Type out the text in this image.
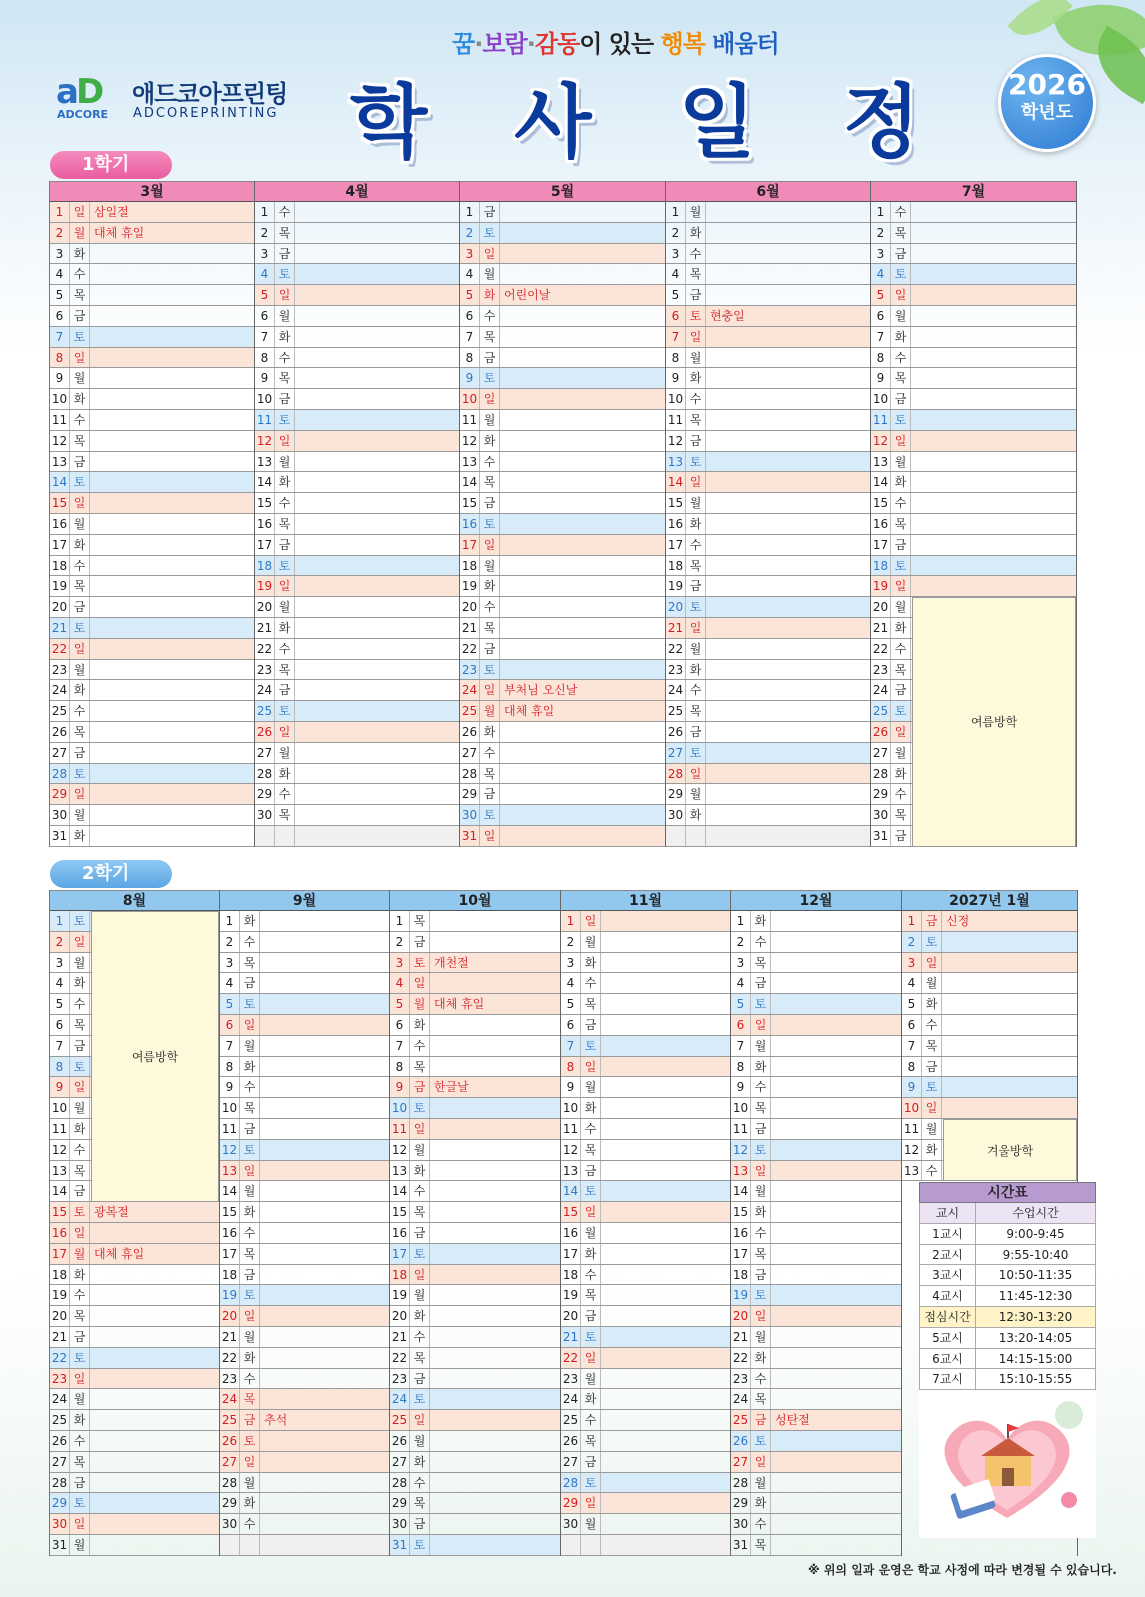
aD
ADCORE
애드코아프린팅
ADCOREPRINTING
꿈·보람·감동이 있는 행복 배움터
학 사 일 정	2026
학년도
1학기
3월
1 일 삼일절
2 월 대체 휴일
3 화
4 수
5 목
6 금
7 토
8 일
9 월
10 화
11 수
12 목
13 금
14 토
15 일
16 월
17 화
18 수
19 목
20 금
21 토
22 일
23 월
24 화
25 수
26 목
27 금
28 토
29 일
30 월
31 화
4월
1 수
2 목
3 금
4 토
5 일
6 월
7 화
8 수
9 목
10 금
11 토
12 일
13 월
14 화
15 수
16 목
17 금
18 토
19 일
20 월
21 화
22 수
23 목
24 금
25 토
26 일
27 월
28 화
29 수
30 목
5월
1 금
2 토
3 일
4 월
5 화 어린이날
6 수
7 목
8 금
9 토
10 일
11 월
12 화
13 수
14 목
15 금
16 토
17 일
18 월
19 화
20 수
21 목
22 금
23 토
24 일 부처님 오신날
25 월 대체 휴일
26 화
27 수
28 목
29 금
30 토
31 일
6월
1 월
2 화
3 수
4 목
5 금
6 토 현충일
7 일
8 월
9 화
10 수
11 목
12 금
13 토
14 일
15 월
16 화
17 수
18 목
19 금
20 토
21 일
22 월
23 화
24 수
25 목
26 금
27 토
28 일
29 월
30 화
7월
1 수
2 목
3 금
4 토
5 일
6 월
7 화
8 수
9 목
10 금
11 토
12 일
13 월
14 화
15 수
16 목
17 금
18 토
19 일
20 월
21 화
22 수
23 목
24 금
25 토
26 일
27 월
28 화
29 수
30 목
31 금
여름방학
2학기
8월
1 토
2 일
3 월
4 화
5 수
6 목
7 금
8 토
9 일
10 월
11 화
12 수
13 목
14 금
15 토 광복절
16 일
17 월 대체 휴일
18 화
19 수
20 목
21 금
22 토
23 일
24 월
25 화
26 수
27 목
28 금
29 토
30 일
31 월
여름방학
9월
1 화
2 수
3 목
4 금
5 토
6 일
7 월
8 화
9 수
10 목
11 금
12 토
13 일
14 월
15 화
16 수
17 목
18 금
19 토
20 일
21 월
22 화
23 수
24 목
25 금 추석
26 토
27 일
28 월
29 화
30 수
10월
1 목
2 금
3 토 개천절
4 일
5 월 대체 휴일
6 화
7 수
8 목
9 금 한글날
10 토
11 일
12 월
13 화
14 수
15 목
16 금
17 토
18 일
19 월
20 화
21 수
22 목
23 금
24 토
25 일
26 월
27 화
28 수
29 목
30 금
31 토
11월
1 일
2 월
3 화
4 수
5 목
6 금
7 토
8 일
9 월
10 화
11 수
12 목
13 금
14 토
15 일
16 월
17 화
18 수
19 목
20 금
21 토
22 일
23 월
24 화
25 수
26 목
27 금
28 토
29 일
30 월
12월
1 화
2 수
3 목
4 금
5 토
6 일
7 월
8 화
9 수
10 목
11 금
12 토
13 일
14 월
15 화
16 수
17 목
18 금
19 토
20 일
21 월
22 화
23 수
24 목
25 금 성탄절
26 토
27 일
28 월
29 화
30 수
31 목
2027년 1월
1 금 신정
2 토
3 일
4 월
5 화
6 수
7 목
8 금
9 토
10 일
11 월
12 화
13 수
겨울방학
시간표
교시	수업시간
1교시	9:00-9:45
2교시	9:55-10:40
3교시	10:50-11:35
4교시	11:45-12:30
점심시간	12:30-13:20
5교시	13:20-14:05
6교시	14:15-15:00
7교시	15:10-15:55
※ 위의 일과 운영은 학교 사정에 따라 변경될 수 있습니다.
